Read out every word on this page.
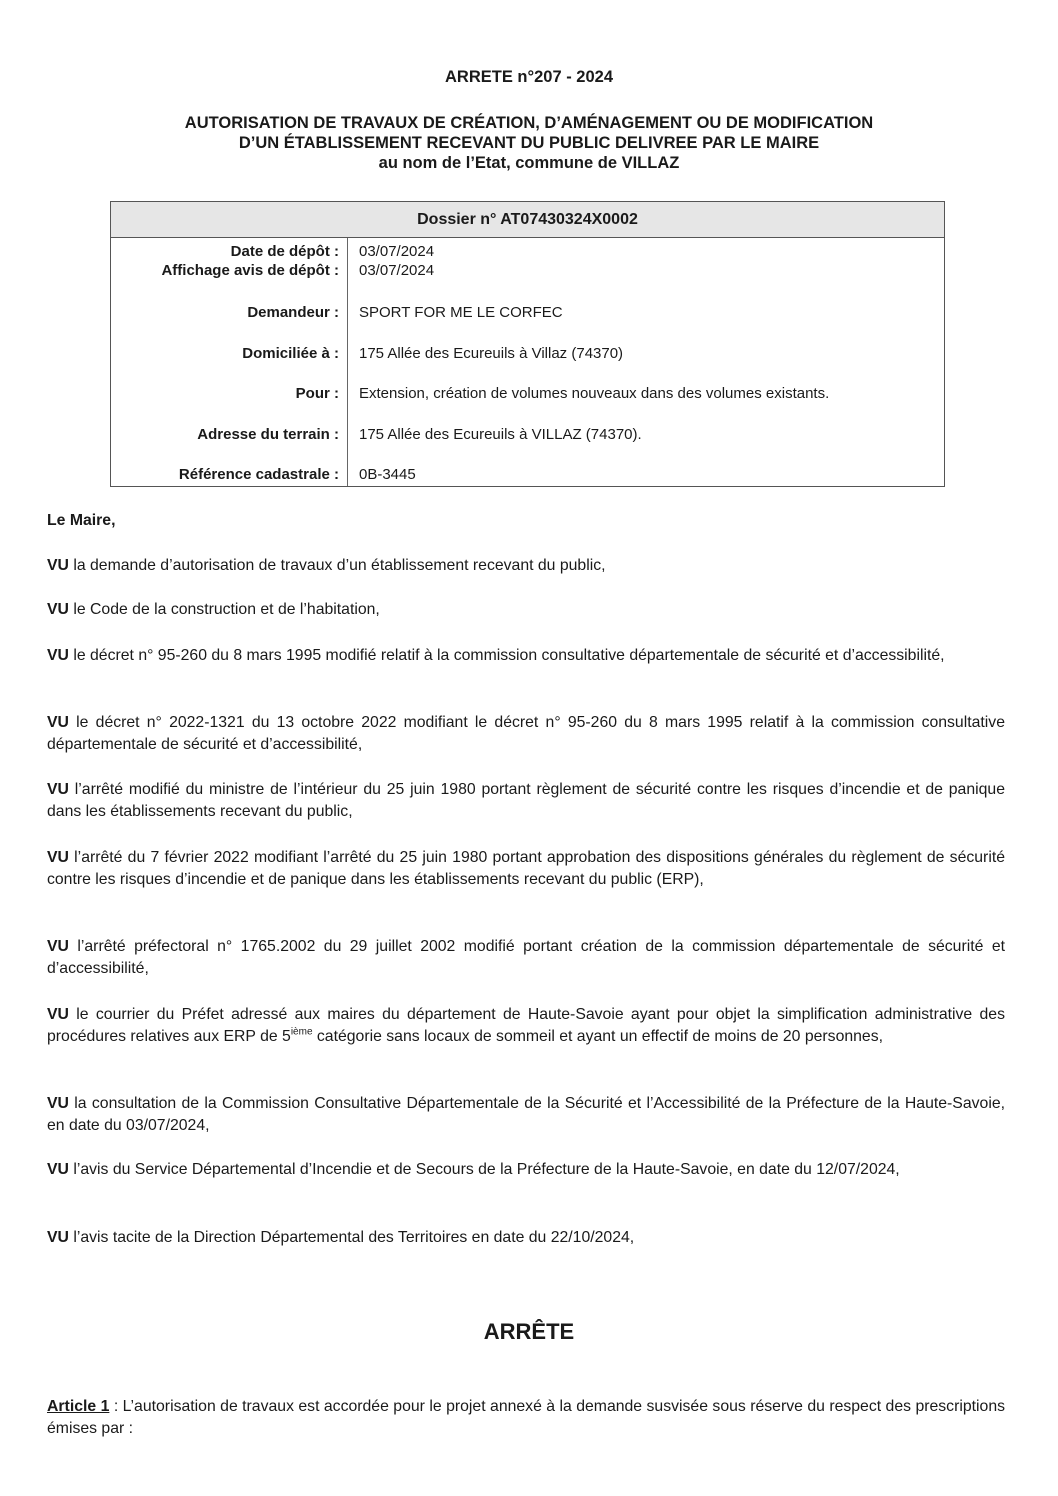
ARRETE n°207 - 2024
AUTORISATION DE TRAVAUX DE CRÉATION, D’AMÉNAGEMENT OU DE MODIFICATION
D’UN ÉTABLISSEMENT RECEVANT DU PUBLIC DELIVREE PAR LE MAIRE
au nom de l’Etat, commune de VILLAZ
Dossier n° AT07430324X0002
Date de dépôt : 03/07/2024
Affichage avis de dépôt : 03/07/2024
Demandeur : SPORT FOR ME LE CORFEC
Domiciliée à : 175 Allée des Ecureuils à Villaz (74370)
Pour : Extension, création de volumes nouveaux dans des volumes existants.
Adresse du terrain : 175 Allée des Ecureuils à VILLAZ (74370).
Référence cadastrale : 0B-3445
Le Maire,
VU la demande d’autorisation de travaux d’un établissement recevant du public,
VU le Code de la construction et de l’habitation,
VU le décret n° 95-260 du 8 mars 1995 modifié relatif à la commission consultative départementale de sécurité et d’accessibilité,
VU le décret n° 2022-1321 du 13 octobre 2022 modifiant le décret n° 95-260 du 8 mars 1995 relatif à la commission consultative départementale de sécurité et d’accessibilité,
VU l’arrêté modifié du ministre de l’intérieur du 25 juin 1980 portant règlement de sécurité contre les risques d’incendie et de panique dans les établissements recevant du public,
VU l’arrêté du 7 février 2022 modifiant l’arrêté du 25 juin 1980 portant approbation des dispositions générales du règlement de sécurité contre les risques d’incendie et de panique dans les établissements recevant du public (ERP),
VU l’arrêté préfectoral n° 1765.2002 du 29 juillet 2002 modifié portant création de la commission départementale de sécurité et d’accessibilité,
VU le courrier du Préfet adressé aux maires du département de Haute-Savoie ayant pour objet la simplification administrative des procédures relatives aux ERP de 5ième catégorie sans locaux de sommeil et ayant un effectif de moins de 20 personnes,
VU la consultation de la Commission Consultative Départementale de la Sécurité et l’Accessibilité de la Préfecture de la Haute-Savoie, en date du 03/07/2024,
VU l’avis du Service Départemental d’Incendie et de Secours de la Préfecture de la Haute-Savoie, en date du 12/07/2024,
VU l’avis tacite de la Direction Départemental des Territoires en date du 22/10/2024,
ARRÊTE
Article 1 : L’autorisation de travaux est accordée pour le projet annexé à la demande susvisée sous réserve du respect des prescriptions émises par :
